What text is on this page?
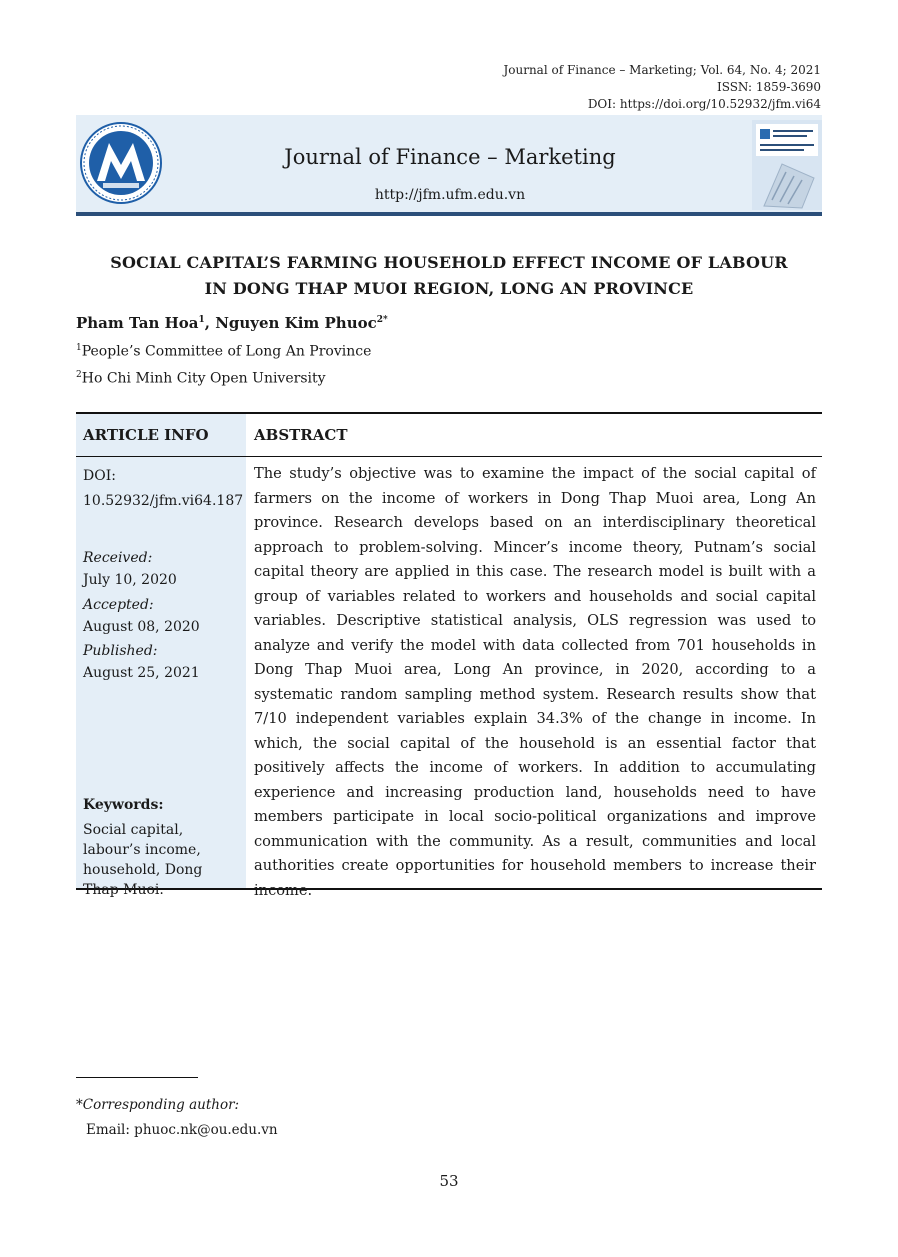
Journal of Finance – Marketing; Vol. 64, No. 4; 2021
ISSN: 1859-3690
DOI: https://doi.org/10.52932/jfm.vi64
Journal of Finance – Marketing
http://jfm.ufm.edu.vn
SOCIAL CAPITAL’S FARMING HOUSEHOLD EFFECT INCOME OF LABOUR
IN DONG THAP MUOI REGION, LONG AN PROVINCE
Pham Tan Hoa$^1$, Nguyen Kim Phuoc$^{2*}$
$^1$People’s Committee of Long An Province
$^2$Ho Chi Minh City Open University
ARTICLE INFO	ABSTRACT
DOI:
10.52932/jfm.vi64.187
Received:
July 10, 2020
Accepted:
August 08, 2020
Published:
August 25, 2021
Keywords:
Social capital, labour’s income, household, Dong Thap Muoi.
The study’s objective was to examine the impact of the social capital of farmers on the income of workers in Dong Thap Muoi area, Long An province. Research develops based on an interdisciplinary theoretical approach to problem-solving. Mincer’s income theory, Putnam’s social capital theory are applied in this case. The research model is built with a group of variables related to workers and households and social capital variables. Descriptive statistical analysis, OLS regression was used to analyze and verify the model with data collected from 701 households in Dong Thap Muoi area, Long An province, in 2020, according to a systematic random sampling method system. Research results show that 7/10 independent variables explain 34.3% of the change in income. In which, the social capital of the household is an essential factor that positively affects the income of workers. In addition to accumulating experience and increasing production land, households need to have members participate in local socio-political organizations and improve communication with the community. As a result, communities and local authorities create opportunities for household members to increase their income.
*Corresponding author:
Email: phuoc.nk@ou.edu.vn
53
